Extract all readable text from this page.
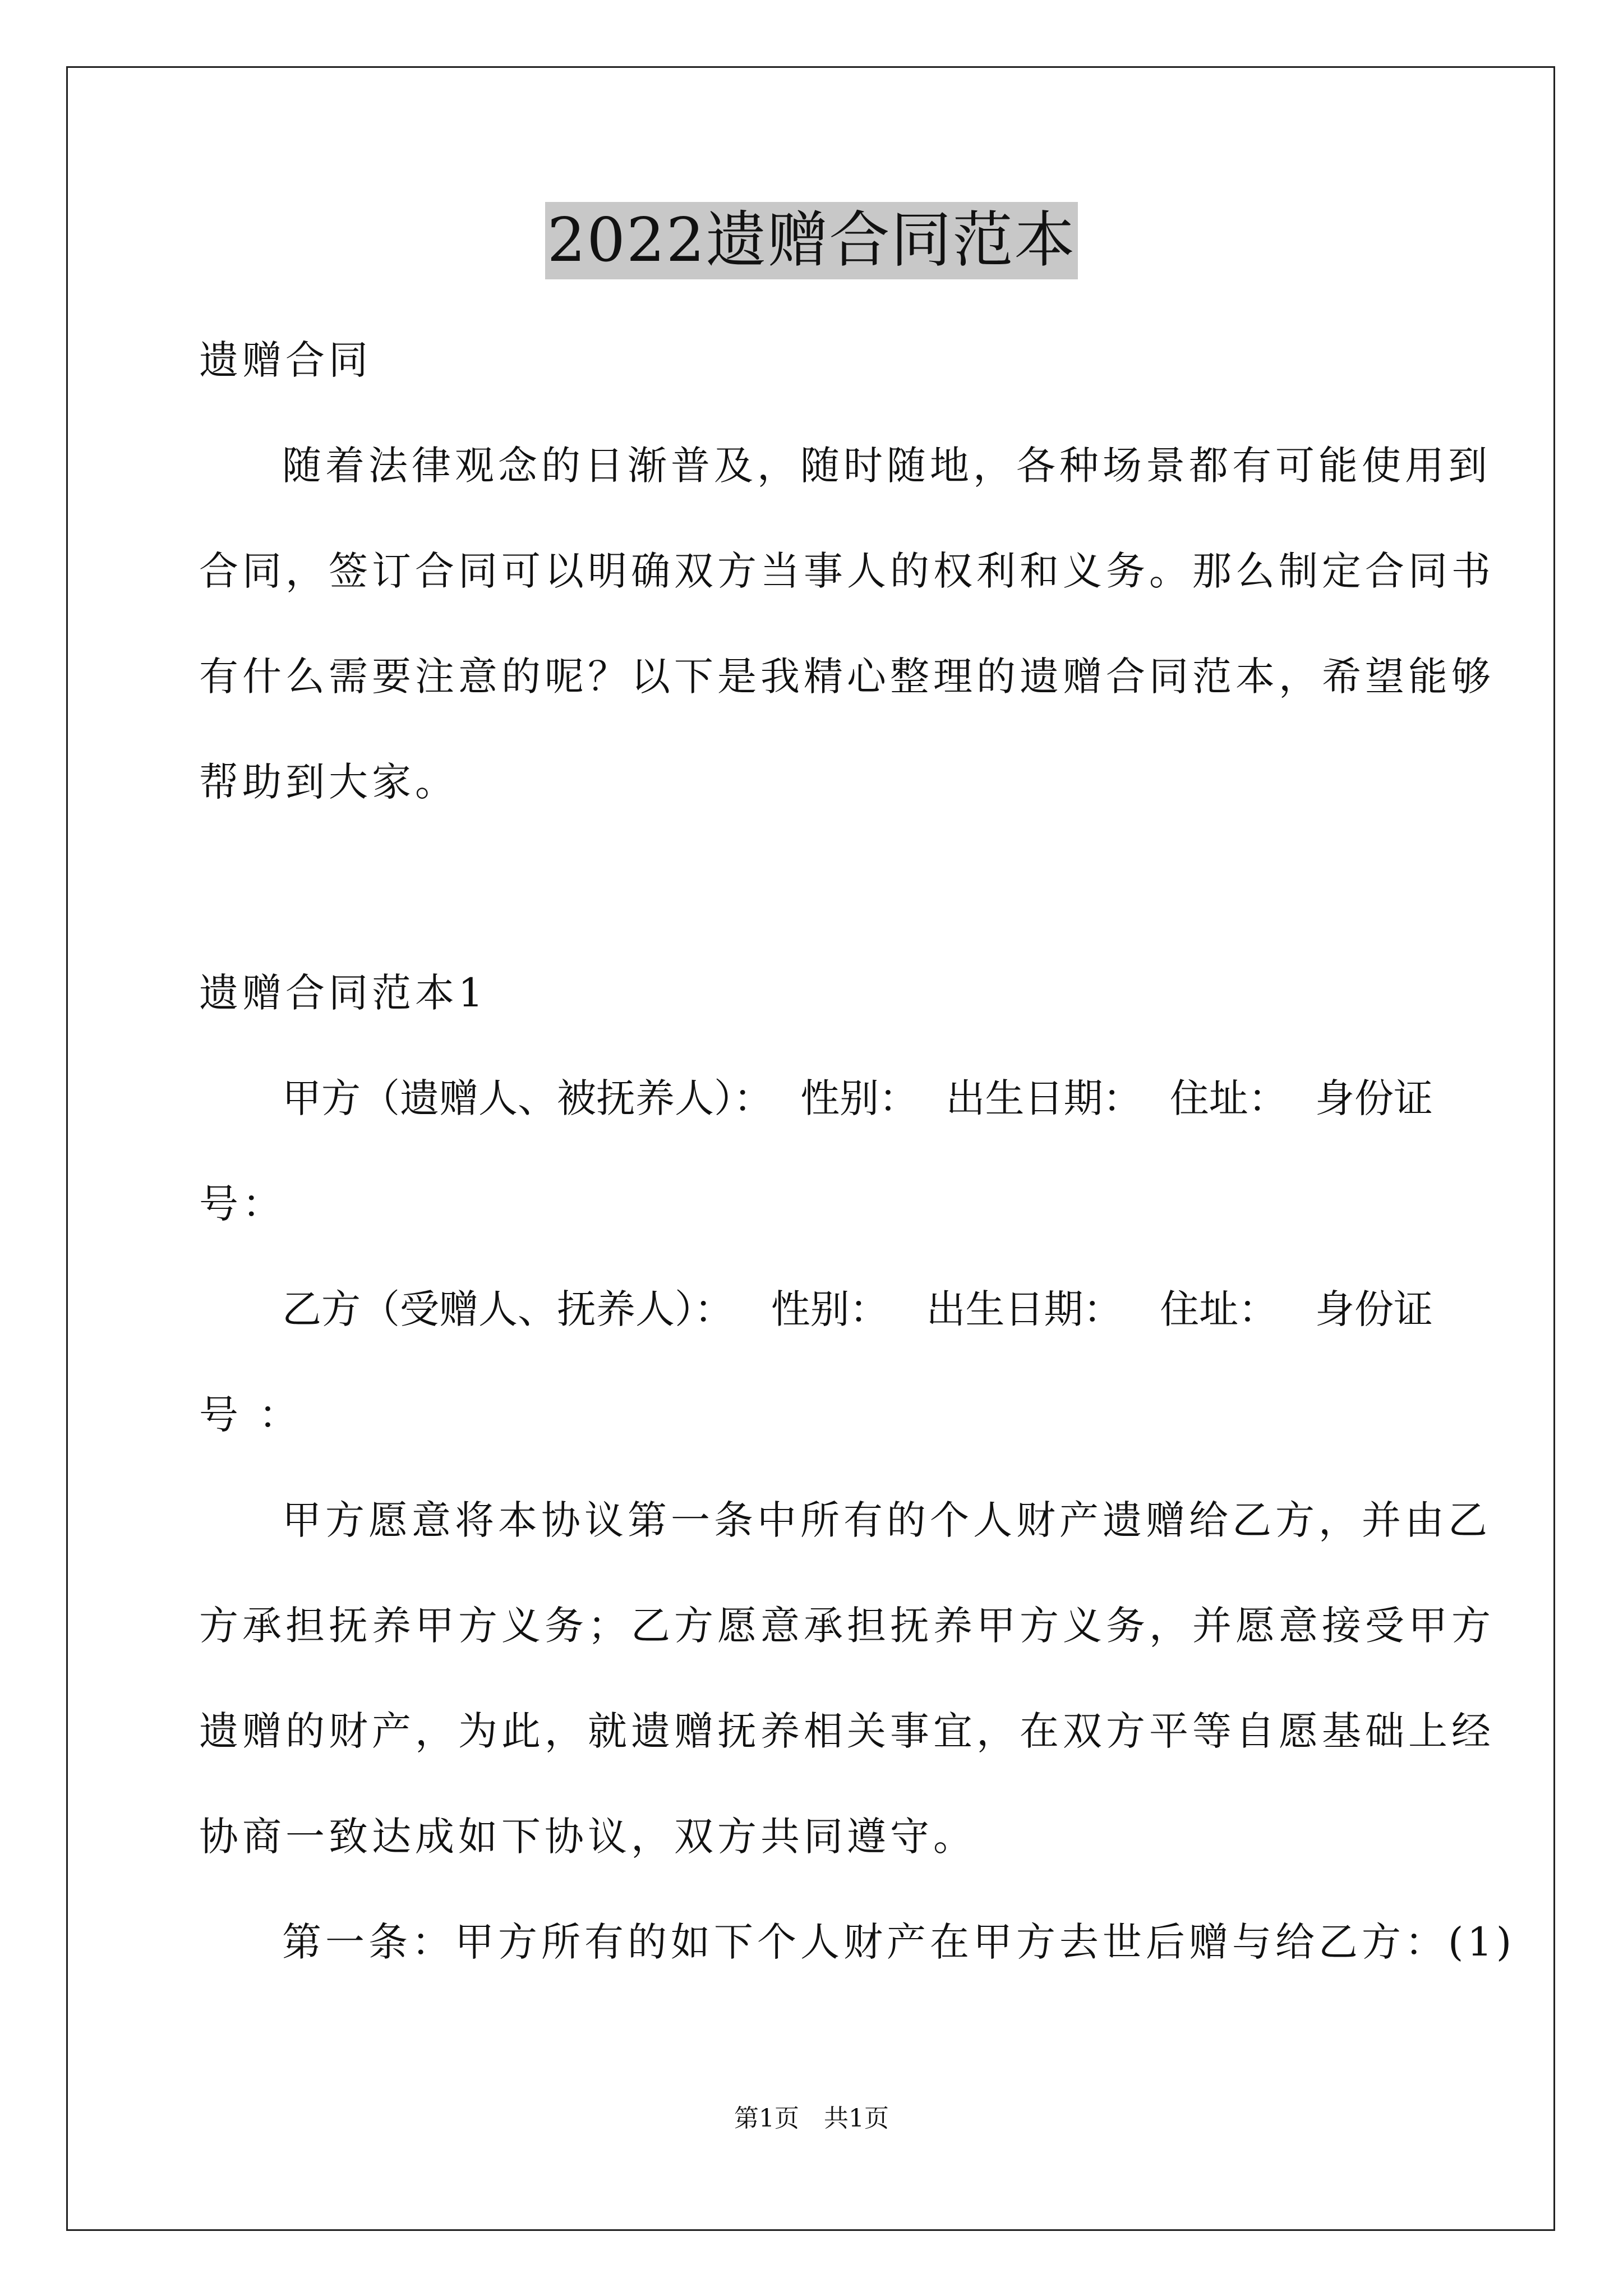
2022遗赠合同范本
遗赠合同
随着法律观念的日渐普及，随时随地，各种场景都有可能使用到
合同，签订合同可以明确双方当事人的权利和义务。那么制定合同书
有什么需要注意的呢？以下是我精心整理的遗赠合同范本，希望能够
帮助到大家。
遗赠合同范本1
甲方（遗赠人、被抚养人）： 性别： 出生日期： 住址： 身份证
号：
乙方（受赠人、抚养人）： 性别： 出生日期： 住址： 身份证
号 ：
甲方愿意将本协议第一条中所有的个人财产遗赠给乙方，并由乙
方承担抚养甲方义务；乙方愿意承担抚养甲方义务，并愿意接受甲方
遗赠的财产，为此，就遗赠抚养相关事宜，在双方平等自愿基础上经
协商一致达成如下协议，双方共同遵守。
第一条：甲方所有的如下个人财产在甲方去世后赠与给乙方：(1)
第1页　共1页
